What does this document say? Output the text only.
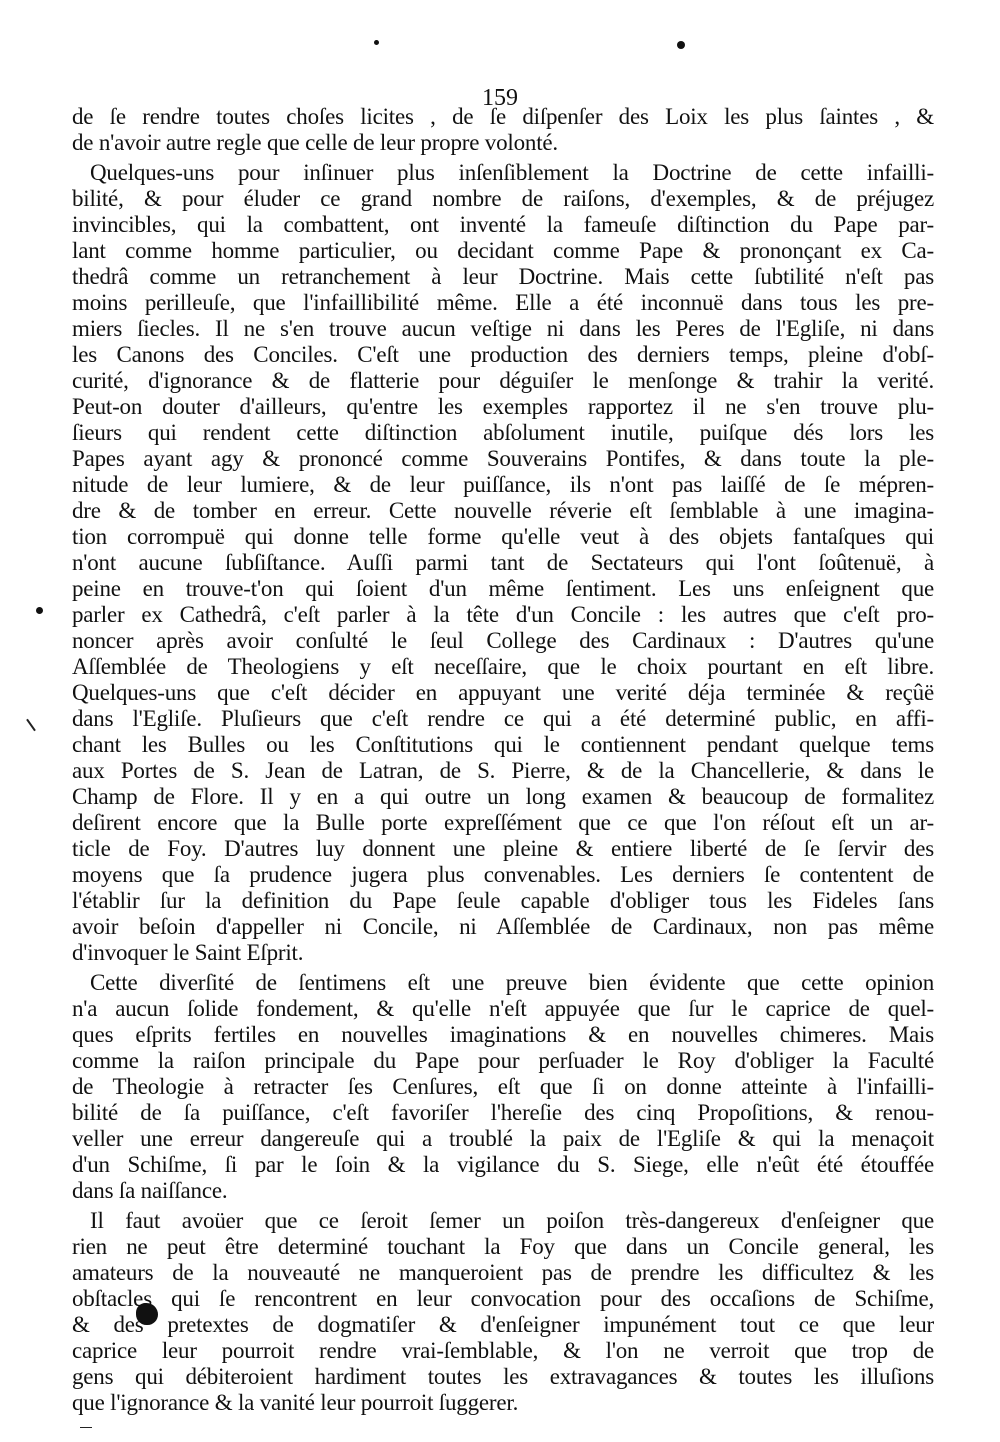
159
de ſe rendre toutes choſes licites , de ſe diſpenſer des Loix les plus ſaintes , &
de n'avoir autre regle que celle de leur propre volonté.
Quelques-uns pour inſinuer plus inſenſiblement la Doctrine de cette infailli-
bilité, & pour éluder ce grand nombre de raiſons, d'exemples, & de préjugez
invincibles, qui la combattent, ont inventé la fameuſe diſtinction du Pape par-
lant comme homme particulier, ou decidant comme Pape & prononçant ex Ca-
thedrâ comme un retranchement à leur Doctrine. Mais cette ſubtilité n'eſt pas
moins perilleuſe, que l'infaillibilité même. Elle a été inconnuë dans tous les pre-
miers ſiecles. Il ne s'en trouve aucun veſtige ni dans les Peres de l'Egliſe, ni dans
les Canons des Conciles. C'eſt une production des derniers temps, pleine d'obſ-
curité, d'ignorance & de flatterie pour déguiſer le menſonge & trahir la verité.
Peut-on douter d'ailleurs, qu'entre les exemples rapportez il ne s'en trouve plu-
ſieurs qui rendent cette diſtinction abſolument inutile, puiſque dés lors les
Papes ayant agy & prononcé comme Souverains Pontifes, & dans toute la ple-
nitude de leur lumiere, & de leur puiſſance, ils n'ont pas laiſſé de ſe mépren-
dre & de tomber en erreur. Cette nouvelle réverie eſt ſemblable à une imagina-
tion corrompuë qui donne telle forme qu'elle veut à des objets fantaſques qui
n'ont aucune ſubſiſtance. Auſſi parmi tant de Sectateurs qui l'ont ſoûtenuë, à
peine en trouve-t'on qui ſoient d'un même ſentiment. Les uns enſeignent que
parler ex Cathedrâ, c'eſt parler à la tête d'un Concile : les autres que c'eſt pro-
noncer après avoir conſulté le ſeul College des Cardinaux : D'autres qu'une
Aſſemblée de Theologiens y eſt neceſſaire, que le choix pourtant en eſt libre.
Quelques-uns que c'eſt décider en appuyant une verité déja terminée & reçûë
dans l'Egliſe. Pluſieurs que c'eſt rendre ce qui a été determiné public, en affi-
chant les Bulles ou les Conſtitutions qui le contiennent pendant quelque tems
aux Portes de S. Jean de Latran, de S. Pierre, & de la Chancellerie, & dans le
Champ de Flore. Il y en a qui outre un long examen & beaucoup de formalitez
deſirent encore que la Bulle porte expreſſément que ce que l'on réſout eſt un ar-
ticle de Foy. D'autres luy donnent une pleine & entiere liberté de ſe ſervir des
moyens que ſa prudence jugera plus convenables. Les derniers ſe contentent de
l'établir ſur la definition du Pape ſeule capable d'obliger tous les Fideles ſans
avoir beſoin d'appeller ni Concile, ni Aſſemblée de Cardinaux, non pas même
d'invoquer le Saint Eſprit.
Cette diverſité de ſentimens eſt une preuve bien évidente que cette opinion
n'a aucun ſolide fondement, & qu'elle n'eſt appuyée que ſur le caprice de quel-
ques eſprits fertiles en nouvelles imaginations & en nouvelles chimeres. Mais
comme la raiſon principale du Pape pour perſuader le Roy d'obliger la Faculté
de Theologie à retracter ſes Cenſures, eſt que ſi on donne atteinte à l'infailli-
bilité de ſa puiſſance, c'eſt favoriſer l'hereſie des cinq Propoſitions, & renou-
veller une erreur dangereuſe qui a troublé la paix de l'Egliſe & qui la menaçoit
d'un Schiſme, ſi par le ſoin & la vigilance du S. Siege, elle n'eût été étouffée
dans ſa naiſſance.
Il faut avoüer que ce ſeroit ſemer un poiſon très-dangereux d'enſeigner que
rien ne peut être determiné touchant la Foy que dans un Concile general, les
amateurs de la nouveauté ne manqueroient pas de prendre les difficultez & les
obſtacles qui ſe rencontrent en leur convocation pour des occaſions de Schiſme,
& des pretextes de dogmatiſer & d'enſeigner impunément tout ce que leur
caprice leur pourroit rendre vrai-ſemblable, & l'on ne verroit que trop de
gens qui débiteroient hardiment toutes les extravagances & toutes les illuſions
que l'ignorance & la vanité leur pourroit ſuggerer.
